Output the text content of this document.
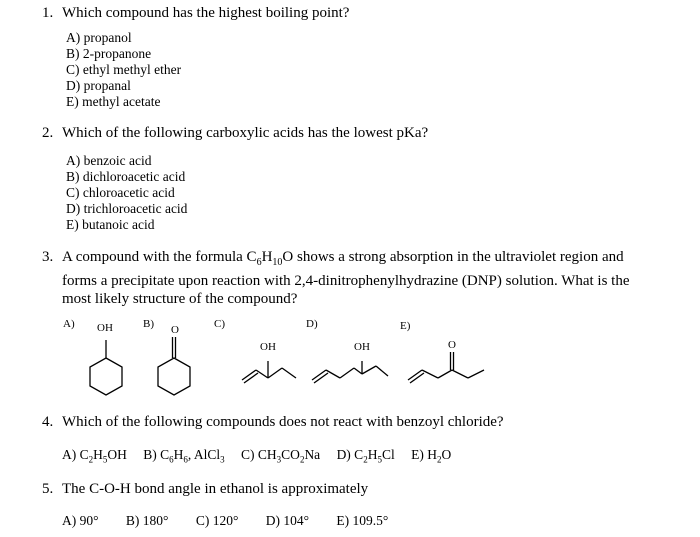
1. Which compound has the highest boiling point?
A) propanol
B) 2-propanone
C) ethyl methyl ether
D) propanal
E) methyl acetate
2. Which of the following carboxylic acids has the lowest pKa?
A) benzoic acid
B) dichloroacetic acid
C) chloroacetic acid
D) trichloroacetic acid
E) butanoic acid
3. A compound with the formula $C_6H_{10}O$ shows a strong absorption in the ultraviolet region and
forms a precipitate upon reaction with 2,4-dinitrophenylhydrazine (DNP) solution. What is the
most likely structure of the compound?
A) OH	B) O	C)
OH
D)
OH
E)
O
4. Which of the following compounds does not react with benzoyl chloride?
A) $C_2H_5OH$ B) $C_6H_6$, AlCl$_3$ C) $CH_3CO_2Na$ D) $C_2H_5Cl$ E) $H_2O$
5. The C-O-H bond angle in ethanol is approximately
A) 90° B) 180° C) 120° D) 104° E) 109.5°
